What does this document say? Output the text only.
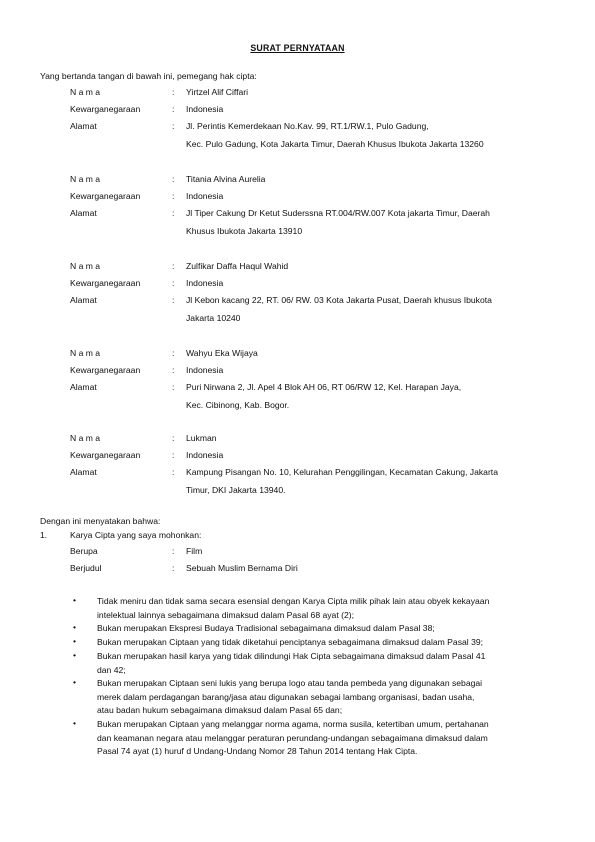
SURAT PERNYATAAN
Yang bertanda tangan di bawah ini, pemegang hak cipta:
N a m a	: Yirtzel Alif Ciffari
Kewarganegaraan	: Indonesia
Alamat	: Jl. Perintis Kemerdekaan No.Kav. 99, RT.1/RW.1, Pulo Gadung,
Kec. Pulo Gadung, Kota Jakarta Timur, Daerah Khusus Ibukota Jakarta 13260
N a m a	: Titania Alvina Aurelia
Kewarganegaraan	: Indonesia
Alamat	: Jl Tiper Cakung Dr Ketut Suderssna RT.004/RW.007 Kota jakarta Timur, Daerah
Khusus Ibukota Jakarta 13910
N a m a	: Zulfikar Daffa Haqul Wahid
Kewarganegaraan	: Indonesia
Alamat	: Jl Kebon kacang 22, RT. 06/ RW. 03 Kota Jakarta Pusat, Daerah khusus Ibukota
Jakarta 10240
N a m a	: Wahyu Eka Wijaya
Kewarganegaraan	: Indonesia
Alamat	: Puri Nirwana 2, Jl. Apel 4 Blok AH 06, RT 06/RW 12, Kel. Harapan Jaya,
Kec. Cibinong, Kab. Bogor.
N a m a	: Lukman
Kewarganegaraan	: Indonesia
Alamat	: Kampung Pisangan No. 10, Kelurahan Penggilingan, Kecamatan Cakung, Jakarta
Timur, DKI Jakarta 13940.
Dengan ini menyatakan bahwa:
1.	Karya Cipta yang saya mohonkan:
Berupa	: Film
Berjudul	: Sebuah Muslim Bernama Diri
• Tidak meniru dan tidak sama secara esensial dengan Karya Cipta milik pihak lain atau obyek kekayaan
intelektual lainnya sebagaimana dimaksud dalam Pasal 68 ayat (2);
• Bukan merupakan Ekspresi Budaya Tradisional sebagaimana dimaksud dalam Pasal 38;
• Bukan merupakan Ciptaan yang tidak diketahui penciptanya sebagaimana dimaksud dalam Pasal 39;
• Bukan merupakan hasil karya yang tidak dilindungi Hak Cipta sebagaimana dimaksud dalam Pasal 41
dan 42;
• Bukan merupakan Ciptaan seni lukis yang berupa logo atau tanda pembeda yang digunakan sebagai
merek dalam perdagangan barang/jasa atau digunakan sebagai lambang organisasi, badan usaha,
atau badan hukum sebagaimana dimaksud dalam Pasal 65 dan;
• Bukan merupakan Ciptaan yang melanggar norma agama, norma susila, ketertiban umum, pertahanan
dan keamanan negara atau melanggar peraturan perundang-undangan sebagaimana dimaksud dalam
Pasal 74 ayat (1) huruf d Undang-Undang Nomor 28 Tahun 2014 tentang Hak Cipta.
